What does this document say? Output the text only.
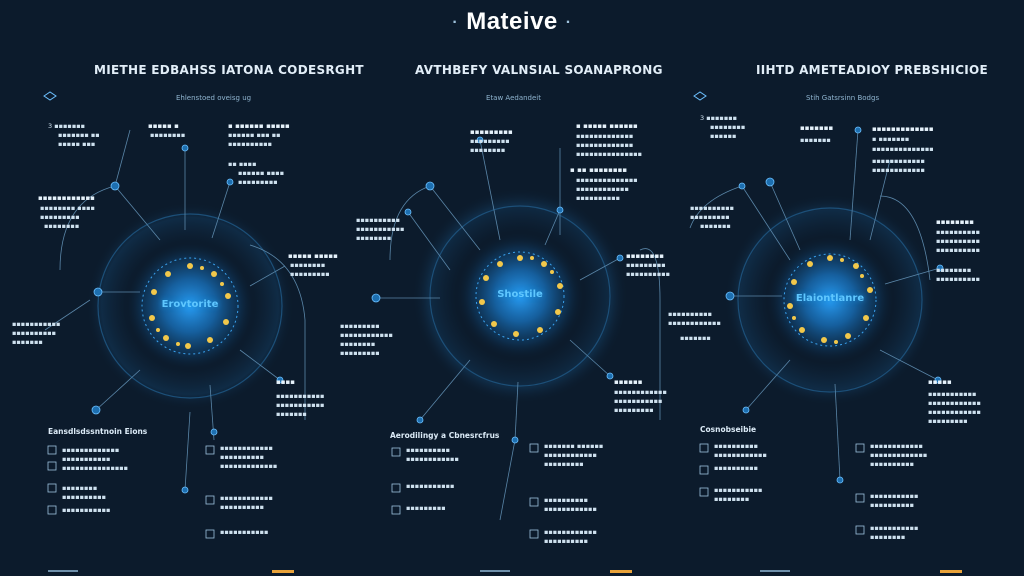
3 ▪▪▪▪▪▪▪
▪▪▪▪▪▪▪ ▪▪
▪▪▪▪▪ ▪▪▪
▪▪▪▪▪ ▪
▪▪▪▪▪▪▪▪
▪ ▪▪▪▪▪▪ ▪▪▪▪▪
▪▪▪▪▪▪ ▪▪▪ ▪▪
▪▪▪▪▪▪▪▪▪▪
▪▪ ▪▪▪▪
▪▪▪▪▪▪ ▪▪▪▪
▪▪▪▪▪▪▪▪▪
▪▪▪▪▪▪▪▪▪▪▪▪
▪▪▪▪▪▪▪▪ ▪▪▪▪
▪▪▪▪▪▪▪▪▪
▪▪▪▪▪▪▪▪
▪▪▪▪▪ ▪▪▪▪▪
▪▪▪▪▪▪▪▪
▪▪▪▪▪▪▪▪▪
▪▪▪▪▪▪▪▪▪▪▪
▪▪▪▪▪▪▪▪▪▪
▪▪▪▪▪▪▪
▪▪▪▪
▪▪▪▪▪▪▪▪▪▪▪
▪▪▪▪▪▪▪▪▪▪▪
▪▪▪▪▪▪▪
▪▪▪▪▪▪▪▪▪▪▪▪▪
▪▪▪▪▪▪▪▪▪▪▪
▪▪▪▪▪▪▪▪▪▪▪▪▪▪▪
▪▪▪▪▪▪▪▪
▪▪▪▪▪▪▪▪▪▪
▪▪▪▪▪▪▪▪▪▪▪
▪▪▪▪▪▪▪▪▪▪▪▪
▪▪▪▪▪▪▪▪▪▪
▪▪▪▪▪▪▪▪▪▪▪▪▪
▪▪▪▪▪▪▪▪▪▪▪▪
▪▪▪▪▪▪▪▪▪▪
▪▪▪▪▪▪▪▪▪▪▪
▪▪▪▪▪▪▪▪▪
▪▪▪▪▪▪▪▪▪
▪▪▪▪▪▪▪▪
▪ ▪▪▪▪▪ ▪▪▪▪▪▪
▪▪▪▪▪▪▪▪▪▪▪▪▪
▪▪▪▪▪▪▪▪▪▪▪▪▪
▪▪▪▪▪▪▪▪▪▪▪▪▪▪▪
▪ ▪▪ ▪▪▪▪▪▪▪▪
▪▪▪▪▪▪▪▪▪▪▪▪▪▪
▪▪▪▪▪▪▪▪▪▪▪▪
▪▪▪▪▪▪▪▪▪▪
▪▪▪▪▪▪▪▪▪▪
▪▪▪▪▪▪▪▪▪▪▪
▪▪▪▪▪▪▪▪
▪▪▪▪▪▪▪▪
▪▪▪▪▪▪▪▪▪
▪▪▪▪▪▪▪▪▪▪
▪▪▪▪▪▪▪▪▪
▪▪▪▪▪▪▪▪▪▪▪▪
▪▪▪▪▪▪▪▪
▪▪▪▪▪▪▪▪▪
▪▪▪▪▪▪
▪▪▪▪▪▪▪▪▪▪▪▪
▪▪▪▪▪▪▪▪▪▪▪
▪▪▪▪▪▪▪▪▪
▪▪▪▪▪▪▪▪▪▪
▪▪▪▪▪▪▪▪▪▪▪▪
▪▪▪▪▪▪▪▪▪▪▪
▪▪▪▪▪▪▪▪▪
▪▪▪▪▪▪▪ ▪▪▪▪▪▪
▪▪▪▪▪▪▪▪▪▪▪▪
▪▪▪▪▪▪▪▪▪
▪▪▪▪▪▪▪▪▪▪
▪▪▪▪▪▪▪▪▪▪▪▪
▪▪▪▪▪▪▪▪▪▪▪▪
▪▪▪▪▪▪▪▪▪▪
3 ▪▪▪▪▪▪▪
▪▪▪▪▪▪▪▪
▪▪▪▪▪▪
▪▪▪▪▪▪▪
▪▪▪▪▪▪▪
▪▪▪▪▪▪▪▪▪▪▪▪▪
▪ ▪▪▪▪▪▪▪
▪▪▪▪▪▪▪▪▪▪▪▪▪▪
▪▪▪▪▪▪▪▪▪▪▪▪
▪▪▪▪▪▪▪▪▪▪▪▪
▪▪▪▪▪▪▪▪▪▪
▪▪▪▪▪▪▪▪▪
▪▪▪▪▪▪▪	▪▪▪▪▪▪▪▪
▪▪▪▪▪▪▪▪▪▪
▪▪▪▪▪▪▪▪▪▪
▪▪▪▪▪▪▪▪▪▪
▪▪▪▪▪▪▪▪
▪▪▪▪▪▪▪▪▪▪
▪▪▪▪▪▪▪▪▪▪
▪▪▪▪▪▪▪▪▪▪▪▪
▪▪▪▪▪▪▪
▪▪▪▪▪
▪▪▪▪▪▪▪▪▪▪▪
▪▪▪▪▪▪▪▪▪▪▪▪
▪▪▪▪▪▪▪▪▪▪▪▪
▪▪▪▪▪▪▪▪▪
▪▪▪▪▪▪▪▪▪▪
▪▪▪▪▪▪▪▪▪▪▪▪
▪▪▪▪▪▪▪▪▪▪
▪▪▪▪▪▪▪▪▪▪▪
▪▪▪▪▪▪▪▪
▪▪▪▪▪▪▪▪▪▪▪▪
▪▪▪▪▪▪▪▪▪▪▪▪▪
▪▪▪▪▪▪▪▪▪▪
▪▪▪▪▪▪▪▪▪▪▪
▪▪▪▪▪▪▪▪▪▪
▪▪▪▪▪▪▪▪▪▪▪
▪▪▪▪▪▪▪▪
· Mateive ·
MIETHE EDBAHSS IATONA CODESRGHT	AVTHBEFY VALNSIAL SOANAPRONG	IIHTD AMETEADIOY PREBSHICIOE
Ehlenstoed oveisg ug	Etaw Aedandeit	Stih Gatsrsinn Bodgs
Erovtorite
Shostile	Elaiontlanre
Eansdlsdssntnoin Eions	Aerodilingy a Cbnesrcfrus
Cosnobseibie
